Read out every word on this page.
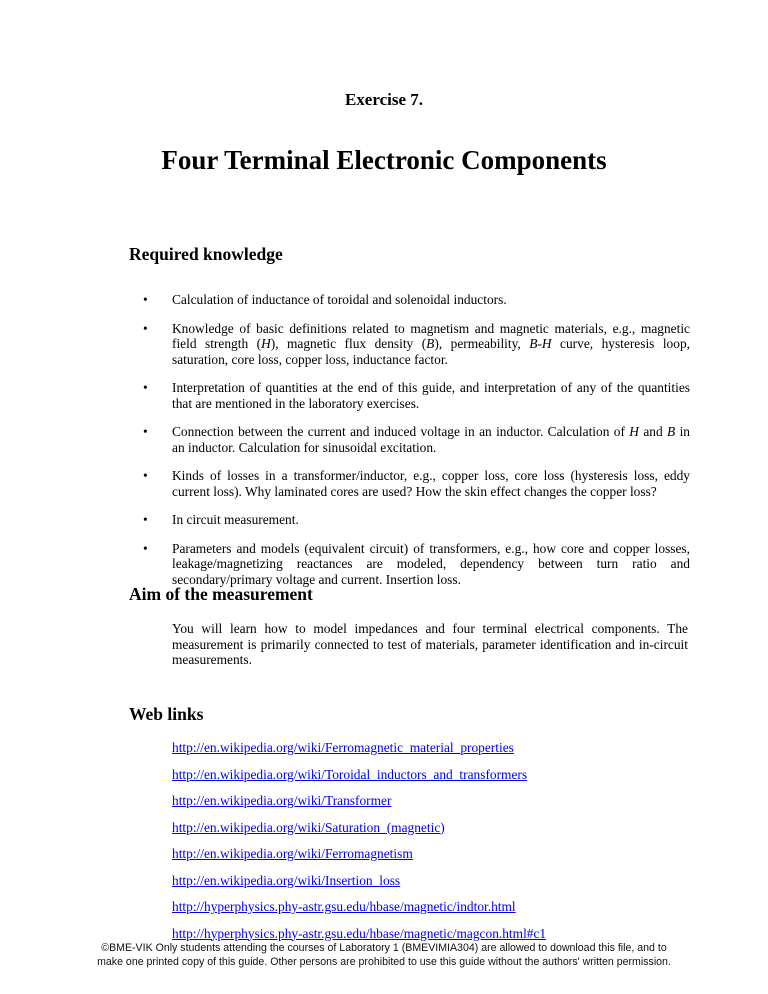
Exercise 7.
Four Terminal Electronic Components
Required knowledge
• Calculation of inductance of toroidal and solenoidal inductors.
• Knowledge of basic definitions related to magnetism and magnetic materials, e.g., magnetic field strength (H), magnetic flux density (B), permeability, B-H curve, hysteresis loop, saturation, core loss, copper loss, inductance factor.
• Interpretation of quantities at the end of this guide, and interpretation of any of the quantities that are mentioned in the laboratory exercises.
• Connection between the current and induced voltage in an inductor. Calculation of H and B in an inductor. Calculation for sinusoidal excitation.
• Kinds of losses in a transformer/inductor, e.g., copper loss, core loss (hysteresis loss, eddy current loss). Why laminated cores are used? How the skin effect changes the copper loss?
• In circuit measurement.
• Parameters and models (equivalent circuit) of transformers, e.g., how core and copper losses, leakage/magnetizing reactances are modeled, dependency between turn ratio and secondary/primary voltage and current. Insertion loss.
Aim of the measurement

You will learn how to model impedances and four terminal electrical components. The measurement is primarily connected to test of materials, parameter identification and in-circuit measurements.

Web links
http://en.wikipedia.org/wiki/Ferromagnetic_material_properties
http://en.wikipedia.org/wiki/Toroidal_inductors_and_transformers
http://en.wikipedia.org/wiki/Transformer
http://en.wikipedia.org/wiki/Saturation_(magnetic)
http://en.wikipedia.org/wiki/Ferromagnetism
http://en.wikipedia.org/wiki/Insertion_loss
http://hyperphysics.phy-astr.gsu.edu/hbase/magnetic/indtor.html
http://hyperphysics.phy-astr.gsu.edu/hbase/magnetic/magcon.html#c1
©BME-VIK Only students attending the courses of Laboratory 1 (BMEVIMIA304) are allowed to download this file, and to
make one printed copy of this guide. Other persons are prohibited to use this guide without the authors' written permission.
